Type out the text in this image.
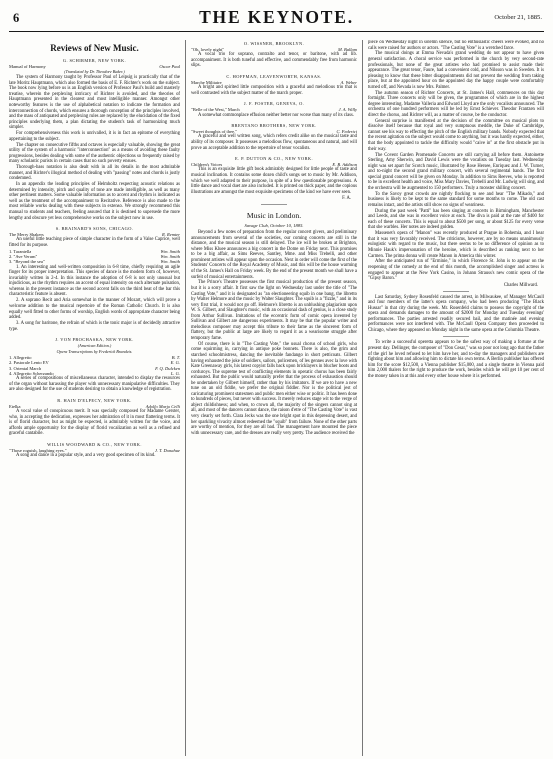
6	THE KEYNOTE.	October 21, 1885.
Reviews of New Music.
G. SCHIRMER, NEW YORK.
Manual of Harmony	Oscar Paul
(Translated by Dr. Theodore Baker.)

The system of Harmony taught by Professor Paul of Leipsig is practically that of the late Moritz Hauptmann, which also formed the basis of E. F. Richter's work on the subject. The book now lying before us is an English version of Professor Paul's build and masterly treatise, wherein the perplexing intricacy of Richter is avoided, and the theories of Hauptmann presented in the clearest and most intelligible manner. Amongst other noteworthy features is the use of alphabetical notation to indicate the formation and interconnection of chords, which ensures a thorough conception of the principles involved, and the mass of antiquated and perplexing rules are replaced by the elucidation of the fixed principles underlying them, a plan dictating the student's task of harmonizing much simpler.

For comprehensiveness this work is unrivalled, it is in fact an epitome of everything appertaining to the subject.

The chapter on consecutive fifths and octaves is especially valuable, showing the great utility of the system of a harmonic "interconnection" as a means of avoiding these faulty progressions, besides dealing with some of the authentic objections so frequently raised by many scholastic purists in certain cases that no such poverty ensues.

Thorough-bass notation is also dealt with in all its details in the most admirable manner, and Richter's illogical method of dealing with "passing" notes and chords is justly condemned.

In an appendix the leading principles of Helmholtz respecting acoustic relations as determined by intensity, pitch and quality of tone are made intelligible, as well as many other pertinent matters. Some valuable information as to accent and rhythm is indicated as well as the treatment of the accompaniment to Recitative. Reference is also made to the most reliable works dealing with these subjects in extenso. We strongly recommend this manual to students and teachers, feeling assured that it is destined to supersede the more lengthy and obscure yet less comprehensive works on the subject now in use.

S. BRAINARD'S SONS, CHICAGO.
The Merry Shakers	R. Remter

An useful little teaching piece of simple character in the form of a Valse Caprice, well fitted for its purpose.

1. Tarantella	Wm. Smith
2. "Ave Verum"	Wm. Smith
3. "Beyond the sea"	Wm. Smith

1. An interesting and well-written composition in 6-8 time, chiefly requiring an agile finger for its proper interpretation. This species of dance is the modern form of, however, invariably written in 2-4. In this instance the adoption of 6-8 is not only unusual but injudicious, as the rhythm requires an accent of equal intensity on each alternate pulsation, whereas in the present instance as the second accent falls on the third beat of the bar this characteristic feature is absent.

2. A soprano Recit and Aria somewhat in the manner of Mozart, which will prove a welcome addition to the musical repertoire of the Roman Catholic Church. It is also equally well fitted to other forms of worship, English words of appropriate character being added.

3. A song for baritone, the refrain of which is the tonic major is of decidedly attractive type.

J. VON PROCHASKA, NEW YORK.
(American Edition.)
Opera Transcriptions by Frederick Brandeis.
1. Allegretto	B. T.
2. Pastorale Lento EV	E. G.
3. Oriental March	F. Q. Dulcken
4. Allegretto Scherzando	L. G.

A series of compositions of miscellaneous character, intended to display the resources of the organ without harassing the player with unnecessary manipulative difficulties. They are also designed for the use of students desiring to obtain a knowledge of registration.

R. HAIN D'ELPECY, NEW YORK.
Etelka	Adolfo Mario Celli

A vocal valse of conspicuous merit. It was specially composed for Madame Gerster, who, in accepting the dedication, expresses her admiration of it in most flattering terms. It is of florid character, but as might be expected, is admirably written for the voice, and affords ample opportunity for the display of florid vocalization as well as a refined and graceful cantabile.

WILLIS WOODWARD & CO., NEW YORK.
"Those roguish, laughing eyes."	J. T. Donahue

A song and dance in a popular style, and a very good specimen of its kind.

O. WISSNER, BROOKLYN.
"Oh, lovely night"	M. Ballam

A vocal trio for soprano, contralto and tenor, or baritone, with ad lib. accompaniment. It is both tuneful and effective, and commendably free from harmonic slips.

C. HOFFMAN, LEAVENWORTH, KANSAS.
Marche Militaire	A. Weber

A bright and spirited little composition with a graceful and melodious trio that is well contrasted with the subject matter of the march proper.

J. F. FOSTER, GENEVA, O.
"Belle of the West," March	J. A. Willy

A somewhat commonplace effusion neither better nor worse than many of its class.

BRENTANO BROTHERS, NEW YORK.
"Sweet thoughts of thee."	C. Federici

A graceful and well written song, which refers credit alike on the musical taste and ability of its composer. It possesses a melodious flow, spontaneous and natural, and will prove an acceptable addition to the repertoire of tenor vocalists.

E. P. DUTTON & CO., NEW YORK.
Children's Voices	E. B. Addison

This is an exquisite little gift book admirably designed for little people of taste and musical inclination. It contains some dozen child's songs set to music by Mr. Addison, which we well adapted to their purpose, in spite of a few questionable progressions. A little dance and vocal duet are also included. It is printed on thick paper, and the copious illustrations are amongst the most exquisite specimens of the kind we have ever seen.

F. A.
Music in London.
Savage Club, October 10, 1885.

Beyond a few notes of preparation from the regular concert givers, and preliminary announcements from several of the societies, our coming concerts are still in the distance, and the musical season is still delayed. The ice will be broken at Brighton, where Miss Kluee announces a big concert in the Dome on Friday next. This promises to be a big affair, as Sims Reeves, Santley, Mme. and Miss Trebelli, and other prominent artistes will appear upon the occasion. Next in order will come the first of the Students' Concerts of the Royal Academy of Music, and this will be the house warming of the St. James's Hall on Friday week. By the end of the present month we shall have a surfeit of musical entertainments.

The Prince's Theatre possesses the first musical production of the present season, but it is a sorry affair. It first saw the light on Wednesday last under the title of "The Casting Vote," and it is designated as "an electioneering squib in one bang, the libretto by Walter Helmore and the music by Walter Slaughter. The squib is a "fizzle," and in its very first trial, it would not go off. Helmore's libretto is an unblushing plagiarism upon W. S. Gilbert, and Slaughter's music, with an occasional dash of genius, is a close study from Arthur Sullivan. Imitations of the eccentric form of comic opera invented by Sullivan and Gilbert are dangerous experiments. It may be that the popular writer and melodious composer may accept this tribute to their fame as the sincerest form of flattery, but the public at large are likely to regard it as a wearisome struggle after temporary fame.

Of course, there is in "The Casting Vote," the usual chorus of school girls, who come squirming in, carrying in antique poke bonnets. There is also, the grim and starched schoolmistress, dancing the inevitable fandango in short petticoats. Gilbert having exhausted the joke of soldiers, sailors, policemen, of les gennes avec la love with Kate Greenaway girls, his latest copyist falls back upon bricklayers in blucher boots and corduroys. The supreme test of conflicting elements in operatic chorus has been fairly exhausted. But the public would naturally prefer that the process of exhaustion should be undertaken by Gilbert himself, rather than by his imitators. If we are to have a new tune on an old fiddle, we prefer the original fiddler. Nor is the political jest of caricaturing prominent statesmen and public men either wise or politic. It has been done to hundreds of pieces, but never with success. It merely reduces stage wit to the verge of abject childishness; and when, to crown all, the majority of the singers cannot sing at all, and most of the dancers cannot dance, the raison d'etre of "The Casting Vote" is vast very clearly set forth. Clara Jecks was the one bright spot in this depressing desert, and her sparkling vivacity almost redeemed the "squib" from failure. None of the other parts are worthy of mention, for they are all bad. The management have mounted the piece with unnecessary care, and the dresses are really very pretty. The audience received the

piece on Wednesday night in solemn silence, but no enthusiastic cheers were evoked, and no calls were raised for authors or actors. "The Casting Vote" is a wretched farce.

The musical doings at Emma Nevada's grand wedding do not appear to have given general satisfaction. A choral service was performed in the church by very second-rate professionals, but none of the great artistes who had promised to assist made their appearance. The great tenor, Faure, had a convenient cold, and Nilsson was in Sweden. It is pleasing to know that these bitter disappointments did not prevent the wedding from taking place, but at the appointed hour on the appointed day the happy couple were comfortably turned off, and Nevada is now Mrs. Palmer.

The autumn season of Richter Concerts, at St. James's Hall, commences on this day fortnight. Three concerts only will be given, the programmes of which are in the highest degree interesting. Madame Valleria and Edward Lloyd are the only vocalists announced. The orchestra of one hundred performers will be led by Ernst Schiever. Theodor Frantzen will direct the chorus, and Richter will, as a matter of course, be the conductor.

General surprise is manifested at the decision of the committee on musical plots to dissolve itself because that royal and very sumptuous meddle, the Duke of Cambridge, cannot see his way to effecting the pitch of the English military bands. Nobody expected that the recent agitation on the subject would come to anything, but it was hardly expected, either, that the body appointed to tackle the difficulty would "caive in" at the first obstacle put in their way.

The Covent Garden Promenade Concerts are still carrying all before them. Antoinette Sterling, Amy Sherwin, and David Lewis were the vocalists on Tuesday last. Wednesday night was set apart for Scotch music, illustrated by Rose Hersee, Enriquez and J. W. Turner, and to-night the second grand military concert, with several regimental bands. The first special grand concert will be given on Monday. In addition to Sims Reeves, who is reported to be in excellent health and voice, Miss Mary Davies, Trebelli and Mr. Ludwig will sing, and the orchestra will be augmented to 150 performers. Truly a monster shilling concert.

To the Savoy great crowds are nightly flocking to see and hear "The Mikado," and business is likely to be kept to the same standard for some months to come. The old cast remains intact, and the artists still show no signs of weariness.

During the past week "Patti" has been singing at concerts in Birmingham, Manchester and Leeds, and she was in excellent voice at each. The diva is paid at the rate of $400 for each of these concerts. This is equal to about $500 per song, or about $125 for every verse that she warbles. Her notes are indeed golden.

Massenet's opera of "Manon" was recently produced at Prague in Bohemia, and I hear that it was very favorably received. The criticisms, however, are by no means unanimously eulogistic with regard to the music, but there seems to be no difference of opinion as to Minnie Hauk's impersonation of the heroine, which is described as ranking next to her Carmen. The prima donna will create Manon in America this winter.

After the anticipated run of "Erminie," in which Florence St. John is to appear on the reopening of the comedy at the end of this month, the accomplished singer and actress is engaged to appear at the New York Casino, in Johann Strauss's new comic opera of the "Gipsy Baron."

Charles Millward.

Last Saturday, Sydney Rosenfeld caused the arrest, in Milwaukee, of Manager McCaull and four members of the latter's opera company, who had been producing "The Black Hussar" in that city during the week. Mr. Rosenfeld claims to possess the copyright of the opera and demands damages to the amount of $2000 for Monday and Tuesday evenings' performances. The parties arrested readily secured bail, and the matinée and evening performances were not interfered with. The McCaull Opera Company then proceeded to Chicago, where they appeared on Monday night in the same opera at the Columbia Theatre.

To write a successful operetta appears to be the safest way of making a fortune at the present day. Dellinger, the composer of "Don Cesar," was so poor not long ago that the father of the girl he loved refused to let him have her, and to-day the managers and publishers are fighting about him and allowing him to dictate his own terms. A Berlin publisher has offered him for the score $12,500, a Vienna publisher $15,000, and a single theatre in Vienna paid him 2,000 thalers for the right to produce the work, besides which he will get 10 per cent of the money taken in at this and every other house where it is performed.
